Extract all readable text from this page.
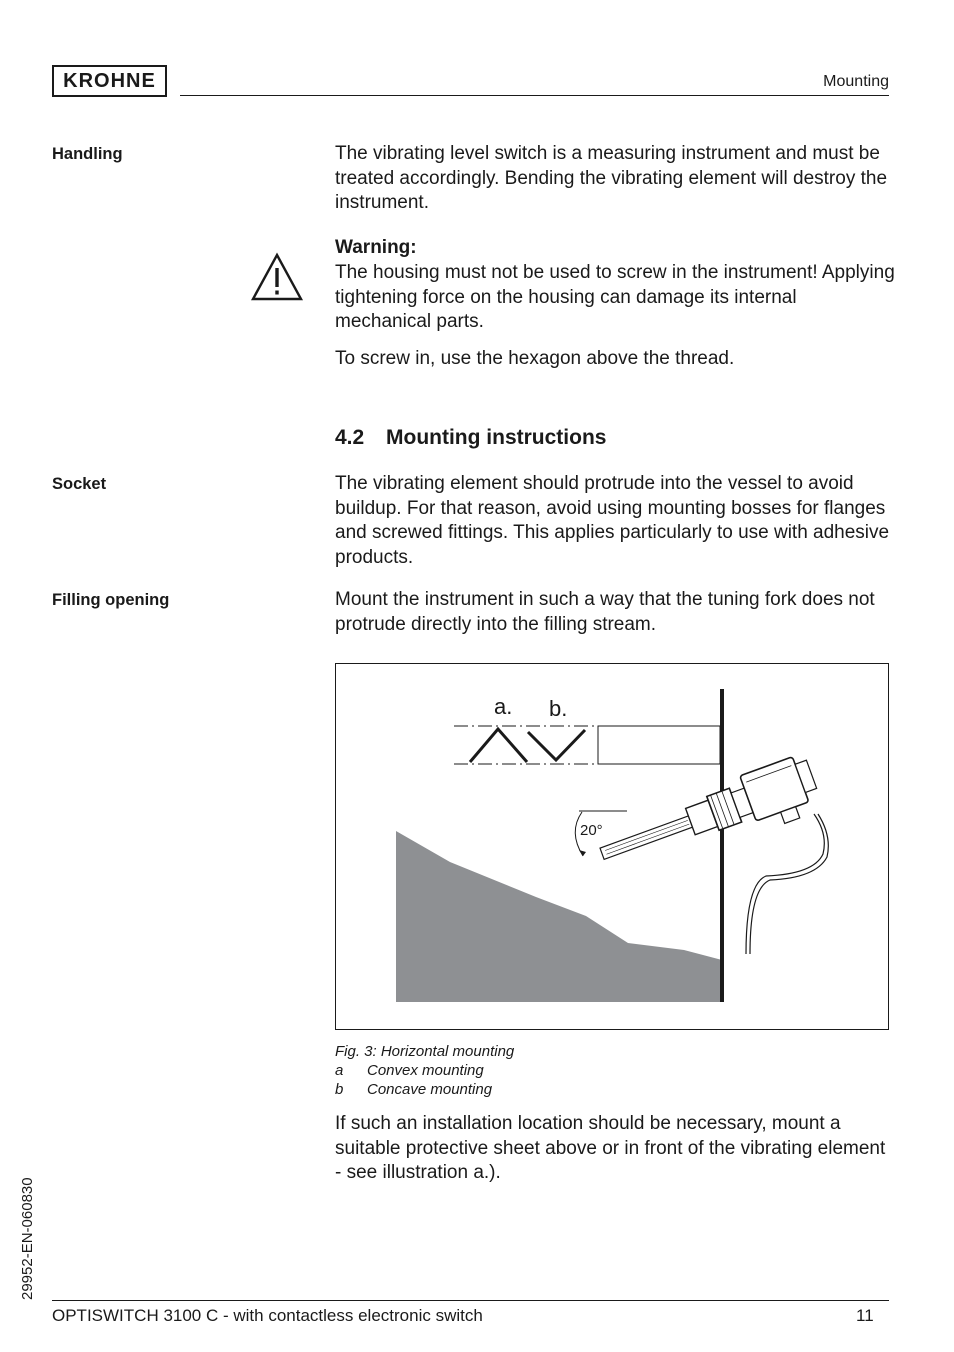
KROHNE	Mounting
Handling	The vibrating level switch is a measuring instrument and must be treated accordingly. Bending the vibrating element will destroy the instrument.
Warning:
The housing must not be used to screw in the instrument! Applying tightening force on the housing can damage its internal mechanical parts.
To screw in, use the hexagon above the thread.
4.2 Mounting instructions
Socket	The vibrating element should protrude into the vessel to avoid buildup. For that reason, avoid using mounting bosses for flanges and screwed fittings. This applies particularly to use with adhesive products.
Filling opening	Mount the instrument in such a way that the tuning fork does not protrude directly into the filling stream.
a. b.
20°
Fig. 3: Horizontal mounting
a Convex mounting
b Concave mounting
If such an installation location should be necessary, mount a suitable protective sheet above or in front of the vibrating element - see illustration a.).
29952-EN-060830
OPTISWITCH 3100 C - with contactless electronic switch	11
